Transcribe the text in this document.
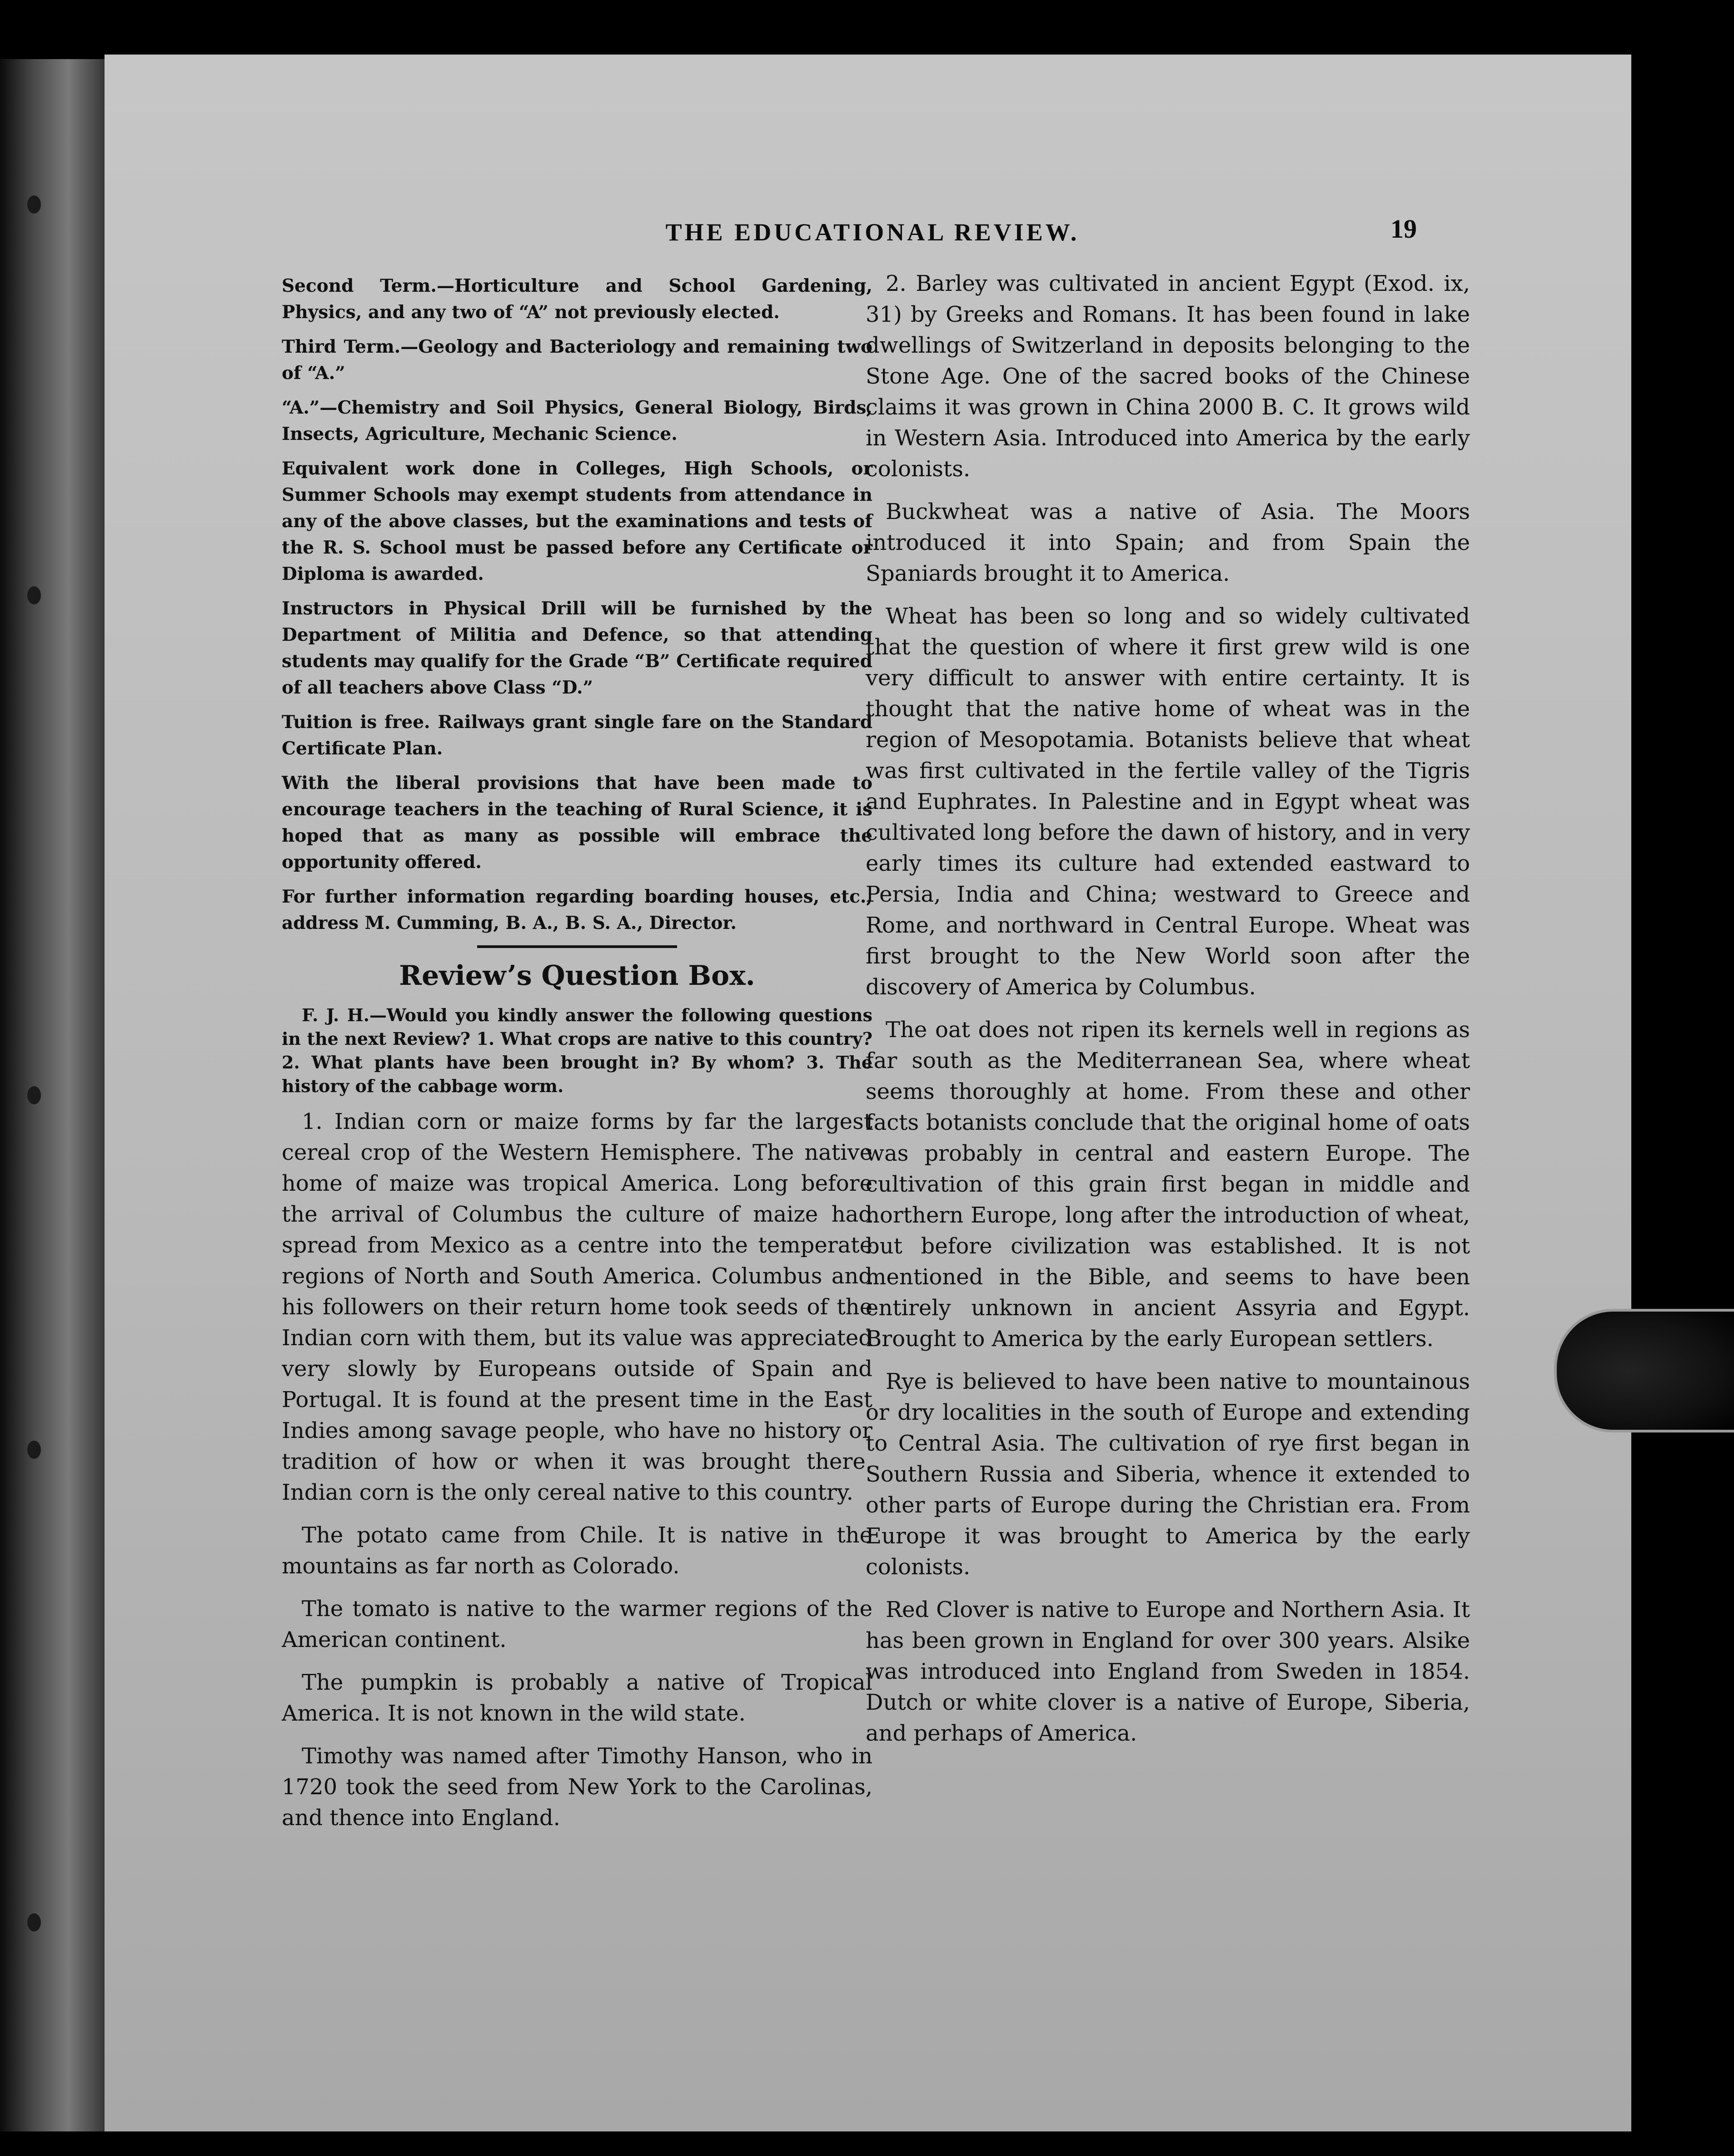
THE EDUCATIONAL REVIEW.	19

Second Term.—Horticulture and School Gardening, Physics, and any two of “A” not previously elected.

Third Term.—Geology and Bacteriology and remaining two of “A.”

“A.”—Chemistry and Soil Physics, General Biology, Birds, Insects, Agriculture, Mechanic Science.

Equivalent work done in Colleges, High Schools, or Summer Schools may exempt students from attendance in any of the above classes, but the examinations and tests of the R. S. School must be passed before any Certificate or Diploma is awarded.

Instructors in Physical Drill will be furnished by the Department of Militia and Defence, so that attending students may qualify for the Grade “B” Certificate required of all teachers above Class “D.”

Tuition is free. Railways grant single fare on the Standard Certificate Plan.

With the liberal provisions that have been made to encourage teachers in the teaching of Rural Science, it is hoped that as many as possible will embrace the opportunity offered.

For further information regarding boarding houses, etc., address M. Cumming, B. A., B. S. A., Director.

Review’s Question Box.

F. J. H.—Would you kindly answer the following questions in the next Review? 1. What crops are native to this country? 2. What plants have been brought in? By whom? 3. The history of the cabbage worm.

1. Indian corn or maize forms by far the largest cereal crop of the Western Hemisphere. The native home of maize was tropical America. Long before the arrival of Columbus the culture of maize had spread from Mexico as a centre into the temperate regions of North and South America. Columbus and his followers on their return home took seeds of the Indian corn with them, but its value was appreciated very slowly by Europeans outside of Spain and Portugal. It is found at the present time in the East Indies among savage people, who have no history or tradition of how or when it was brought there. Indian corn is the only cereal native to this country.

The potato came from Chile. It is native in the mountains as far north as Colorado.

The tomato is native to the warmer regions of the American continent.

The pumpkin is probably a native of Tropical America. It is not known in the wild state.

Timothy was named after Timothy Hanson, who in 1720 took the seed from New York to the Carolinas, and thence into England.

2. Barley was cultivated in ancient Egypt (Exod. ix, 31) by Greeks and Romans. It has been found in lake dwellings of Switzerland in deposits belonging to the Stone Age. One of the sacred books of the Chinese claims it was grown in China 2000 B. C. It grows wild in Western Asia. Introduced into America by the early colonists.

Buckwheat was a native of Asia. The Moors introduced it into Spain; and from Spain the Spaniards brought it to America.

Wheat has been so long and so widely cultivated that the question of where it first grew wild is one very difficult to answer with entire certainty. It is thought that the native home of wheat was in the region of Mesopotamia. Botanists believe that wheat was first cultivated in the fertile valley of the Tigris and Euphrates. In Palestine and in Egypt wheat was cultivated long before the dawn of history, and in very early times its culture had extended eastward to Persia, India and China; westward to Greece and Rome, and northward in Central Europe. Wheat was first brought to the New World soon after the discovery of America by Columbus.

The oat does not ripen its kernels well in regions as far south as the Mediterranean Sea, where wheat seems thoroughly at home. From these and other facts botanists conclude that the original home of oats was probably in central and eastern Europe. The cultivation of this grain first began in middle and northern Europe, long after the introduction of wheat, but before civilization was established. It is not mentioned in the Bible, and seems to have been entirely unknown in ancient Assyria and Egypt. Brought to America by the early European settlers.

Rye is believed to have been native to mountainous or dry localities in the south of Europe and extending to Central Asia. The cultivation of rye first began in Southern Russia and Siberia, whence it extended to other parts of Europe during the Christian era. From Europe it was brought to America by the early colonists.

Red Clover is native to Europe and Northern Asia. It has been grown in England for over 300 years. Alsike was introduced into England from Sweden in 1854. Dutch or white clover is a native of Europe, Siberia, and perhaps of America.
